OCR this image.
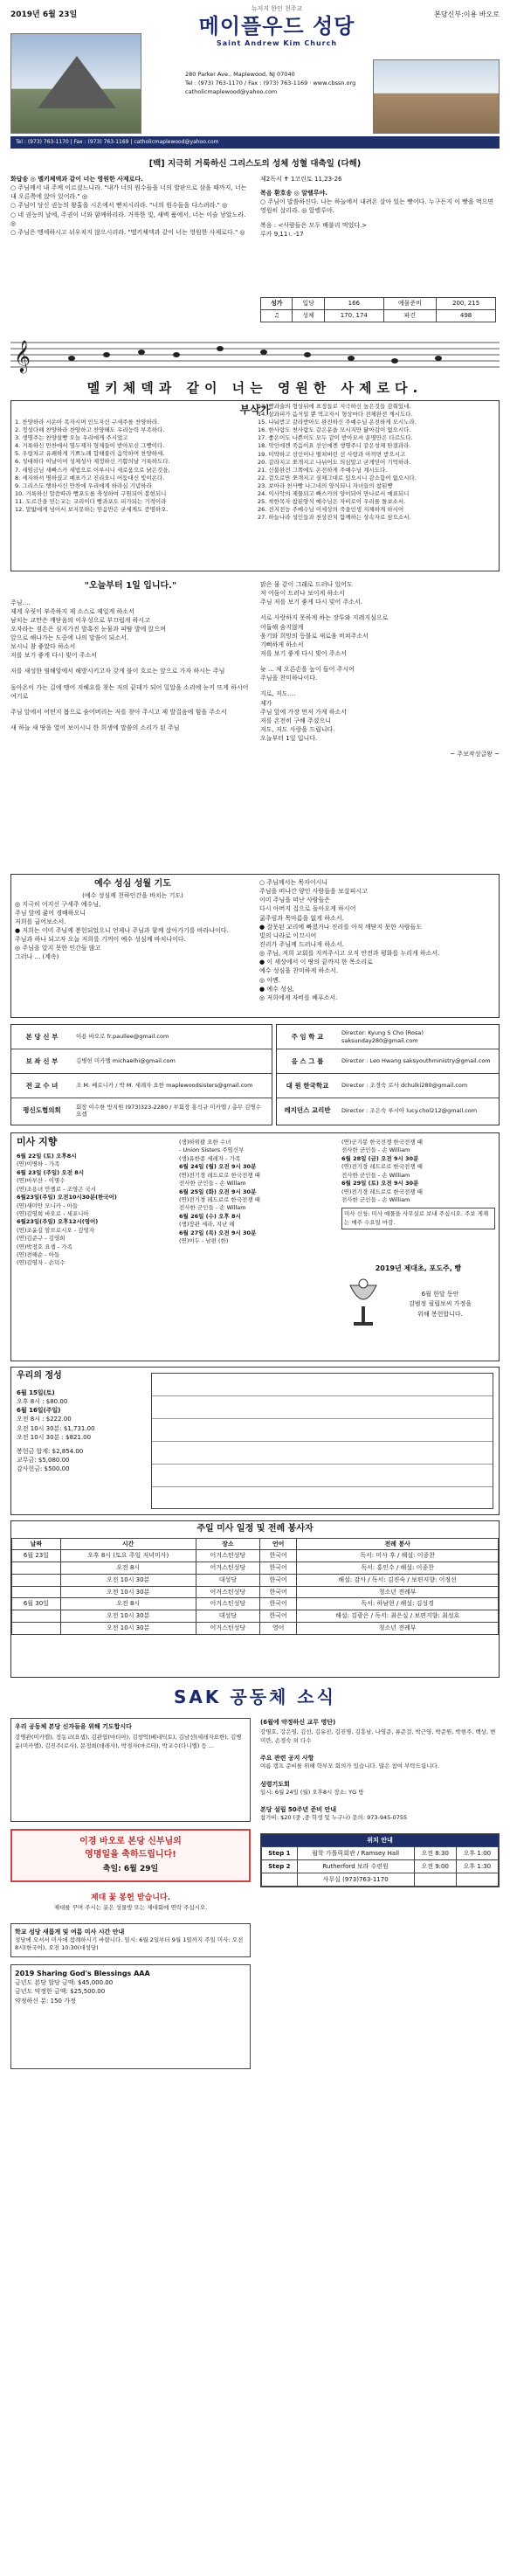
2019년 6월 23일
뉴저지 한인 천주교
메이플우드 성당
Saint Andrew Kim Church
본당신부:이용 바오로
280 Parker Ave., Maplewood, NJ 07040
Tel : (973) 763-1170 / Fax : (973) 763-1169 · www.cbssn.org
catholicmaplewood@yahoo.com
Tel : (973) 763-1170 | Fax : (973) 763-1169 | catholicmaplewood@yahoo.com
[백] 지극히 거룩하신 그리스도의 성체 성혈 대축일 (다해)
화답송 ◎ 멜키체덱과 같이 너는 영원한 사제로다.
○ 주님께서 내 주께 이르셨느니라. "내가 너의 원수들을 너의 발판으로 삼을 때까지, 너는 내 오른쪽에 앉아 있어라." ◎
○ 주님이 당신 권능의 왕홀을 시온에서 뻗치시리라. "너의 원수들을 다스려라." ◎
○ 네 권능의 날에, 주권이 너와 함께하리라. 거룩한 빛, 새벽 품에서, 너는 이슬 낳았노라. ◎
○ 주님은 맹세하시고 뉘우치지 않으시리라. "멜키체덱과 같이 너는 영원한 사제로다." ◎
제2독서 ✝ 1코린토 11,23-26
복음 환호송 ◎ 알렐루야.
○ 주님이 말씀하신다. 나는 하늘에서 내려온 살아 있는 빵이다. 누구든지 이 빵을 먹으면 영원히 살리라. ◎ 알렐루야.
복음 : <사람들은 모두 배불리 먹었다.>
루카 9,11ㄴ-17
성가	입당	166	예물준비	200, 215
♫	성체	170, 174	파견	498
𝄞
멜키체덱과 같이 너는 영원한 사제로다.
부삭가
1. 찬양하라 시온아 목자시며 인도자신 구세주를 찬양하라.
2. 정성다해 찬양하라 찬양하고 찬양해도 우리능력 부족하다.
3. 생명주는 찬양살빵 오늘 우리에게 주시었고
4. 거룩하신 만찬에서 열두제자 형제들이 받아모신 그빵이다.
5. 우렁차고 유쾌하게 기쁘노래 합해불러 음악하며 찬양하세.
6. 성대하다 이날이여 성체성사 제정하신 기쁨의날 거룩하도다.
7. 새임금님 새빠스카 새법으로 이루시니 새로움으로 낡은것을,
8. 세자하셔 명하셨고 예표가고 진리오니 어둠대신 빛이온다.
9. 그리스도 행하시신 만찬에 우리에게 하라심 기념하라
10. 거룩하신 말씀따라 빵포도를 축성하여 구원되어 봉헌되니
11. 도르간을 믿는교는 교리이다 빵과포도 피가되는 기적이라
12. 말밟에게 넘어서 보지못하는 믿음만은 굳세게도 증명하오.
13. 빵과술의 형상뒤에 표징들로 지극하신 높은것들 감춰있네.
14. 살과피가 음식일 뿐 먹고자시 형상마다 전체완전 계시도다.
15. 나눠받고 갈라받아도 완전하신 주예수님 온전하게 모시노라.
16. 한사람도 천사람도 같은분을 모시지만 닳아감이 없으시다.
17. 좋은이도 나쁜이도 모두 같이 받아모셔 운명만은 다르도다.
18. 악인에겐 죽음이요 선인에겐 생명주니 같은성체 딴결과라.
19. 미약하고 선인이나 떨쳐버린 선 사랑과 아끼면 받으시고
20. 갈라지고 쪼개지고 나뉘어도 의심말고 굳게믿어 기억하라.
21. 신불완전 그쪽에도 온전하게 주예수님 계시도다.
22. 겉으로만 쪼개지고 실체그대로 있으시니 감소함이 없으시다.
23. 보아라 천사빵 나그네의 양식되니 자녀들의 참된빵
24. 이사악의 제물되고 빠스카의 양이되어 만나로서 예표되니
25. 착한목자 참된양식 예수님은 자비로이 우리를 돌보소서.
26. 전지전능 주예수님 이세상의 죽을인생 지체하게 하시어
27. 하늘나라 성인들과 천상잔치 함께하는 상속자로 삼으소서.
"오늘부터 1일 입니다."
주님….
제게 우릿이 부족하지 제 소스로 제일게 하소서
남치는 교만은 깨닫음의 이우성으로 부끄럽게 하시고
오자라는 겸손은 심지가진 발혹진 눈물과 피땀 발에 앉으며
앞으로 해나가는 도중에 나의 말씀이 되소서.
보시니 참 좋았다 하소서
저를 보기 좋게 다시 빚어 주소서
저를 새성한 염해앙에서 해방시키고자 갖게 불이 흐르는 앞으로 가자 하시는 주님
돌아온이 가는 길에 맹어 지혜요를 찾는 저의 끝데가 되어 밀알을 소리에 눈키 뜨게 하시어 여기로
주님 앞에서 어떤지 봅으로 숨어버리는 저를 찾아 주시고 제 발걸음에 힘을 주소서
새 하늘 새 땅을 열어 보이시니 한 희생에 말씀의 소리가 된 주님
맑은 물 같이 그래로 드러나 있어도
저 어둠이 드러나 보이게 하소서
주님 저를 보기 좋게 다시 빚어 주소서.
서로 사랑하지 못하게 하는 장투와 지레지심으로
어둡해 숨지않게
움기와 희망의 등불로 새로움 비쳐주소서
기뻐하게 하소서
저를 보기 좋게 다시 빚어 주소서
늦 ... 제 오른손을 높이 들어 주시어
주님을 찬미하나이다.
지로, 저도....
제가
주님 앞에 가장 먼저 가게 하소서
저를 온전히 구해 주셨으니
저도, 저도 사랑을 드립니다.
오늘부터 1일 입니다.
~ 주보작성글왕 ~
예수 성심 성월 기도
(예수 성심께 천하인간을 바치는 기도)
◎ 지극히 어지신 구세주 예수님,
주님 앞에 꿇어 경배하오니
저희를 굽어보소서.
● 저희는 이미 주님께 봉헌되었으니 언제나 주님과 함께 살아가기를 바라나이다.
주님과 하나 되고자 오늘 저희를 기꺼이 예수 성심께 바치나이다.
◎ 주님을 알지 못한 인간들 많고
그러나 ... (계속)
○ 주님께서는 목자이시니
주님을 떠나간 양인 사람들을 보살피시고
이미 주님을 떠난 사람들은
다시 아버지 집으로 돌아오게 하시어
굶주림과 목마름을 없게 하소서.
● 잘못된 교리에 빠졌거나 진리를 아직 깨닫지 못한 사람들도
빛의 나라로 이끄시어
진리가 주님께 드러나게 하소서.
◎ 주님, 저희 교회를 지켜주시고 오직 안전과 평화를 누리게 하소서.
● 이 세상에서 이 땅의 끝까지 한 목소리로
예수 성심을 찬미하게 하소서.
◎ 아멘.
● 예수 성심,
◎ 저희에게 자비를 베푸소서.
본 당 신 부	이용 바오로 fr.paullee@gmail.com
보 좌 신 부	김병헌 미카엘 michaelhi@gmail.com
전 교 수 녀	조 M. 베로니카 / 박 M. 세례자 요한 maplewoodsisters@gmail.com
평신도협의회	회장 이수한 방지원 (973)323-2280 / 부회장 홍석규 미카엘 / 총무 김명수 요셉
주 임 학 교	Director: Kyung S Cho (Rosa) saksunday280@gmail.com
음 스 그 룹	Director : Leo Hwang saksyouthministry@gmail.com
대 원 한국학교	Director : 조경숙 로사 dchulki280@gmail.com
레지던스 교리반	Director : 조은숙 루시아 lucy.chol212@gmail.com
미사 지향
6월 22일 (토) 오후8시
(연)이병하 - 가족
6월 23일 (주일) 오전 8시
(연)마부산 - 이명수
(연)조용녀 안젤로 - 조영곤 국시
6월23일(주일) 오전10시30분(한국어)
(연)새미안 모니카 - 아들
(연)김영희 바오로 - 세포니아
6월23일(주일) 오후12시(영어)
(연)조윤길 암브로시오 - 김영자
(연)김준구 - 김영희
(연)박정호 요셉 - 가족
(연)전해순 - 아들
(연)김영자 - 손덕수
(생)하위괄 요한 수녀
- Union Sisters 주임신부
(생)유한종 세레자 - 가족
6월 24일 (월) 오전 9시 30분
(연)전기경 레드로로 한국전쟁 때
전사한 군인들 - 손 Willam
6월 25일 (화) 오전 9시 30분
(연)전기경 레드로로 한국전쟁 때
전사한 군인들 - 손 Willam
6월 26일 (수) 오후 8시
(생)장관 세라, 지난 해
6월 27일 (목) 오전 9시 30분
(연)이두 - 남편 (한)
(연)군기봉 한국전쟁 한국전쟁 때
전사한 군인들 - 손 William
6월 28일 (금) 오전 9시 30분
(연)전기경 레드로로 한국전쟁 때
전사한 군인들 - 손 William
6월 29일 (토) 오전 9시 30분
(연)전기경 레드로로 한국전쟁 때
전사한 군인들 - 손 William
미사 신청: 미사 예물을 사무실로 보내 주십시오. 주보 게재는 매주 수요일 마감.
2019년 제대초, 포도주, 빵
6월 한달 동안
김범정 필립보씨 가정을
위해 봉헌합니다.
우리의 정성
6월 15일(토)
오후 8시 : $80.00
6월 16일(주일)
오전 8시 : $222.00
오전 10시 30분: $1,731.00
오전 10시 30분 : $821.00
봉헌금 합계: $2,854.00
교무금: $5,080.00
감사헌금: $500.00
주일 미사 일정 및 전례 봉사자
날짜	시간	장소	언어	전례 봉사
6월 23일	오후 8시 (토요 주일 저녁미사)	어거스틴성당	한국어	독서: 미사 후 / 해설: 이종찬
	오전 8시	어거스틴성당	한국어	독서: 홍인수 / 해설: 이종찬
	오전 10시 30분	대성당	한국어	해설: 감사 / 독서: 김진숙 / 보편지향: 이정선
	오전 10시 30분	어거스틴성당	한국어	청소년 전례부
6월 30일	오전 8시	어거스틴성당	한국어	독서: 하남현 / 해설: 김성경
	오전 10시 30분	대성당	한국어	해설: 김광은 / 독서: 최은실 / 보편지향: 최성호
	오전 10시 30분	어거스틴성당	영어	청소년 전례부
SAK 공동체 소식
우리 공동체 본당 신자들을 위해 기도합시다
강명관(미카엘), 정동교(요셉), 김관엽(마티아), 김창억(베네딕토), 김남선(세레자요한), 김병윤(미카엘), 김진주(로사), 문정희(데레사), 박경자(마르타), 박교수(다니엘) 등 ...
이경 바오로 본당 신부님의
영명일을 축하드립니다!
축일: 6월 29일
제대 꽃 봉헌 받습니다.
제대를 꾸며 주시는 분은 성물방 또는 제대회에 연락 주십시오.
학교 성당 새롭게 및 여름 미사 시간 안내
성당에 오셔서 미사에 참례하시기 바랍니다. 일시: 6월 2일부터 9월 1일까지 주일 미사: 오전 8시(한국어), 오전 10:30(대성당)
2019 Sharing God's Blessings AAA
금년도 본당 할당 금액: $45,000.00
금년도 약정한 금액: $25,500.00
약정하신 분: 150 가정
(6월에 약정하신 교무 명단)
강명호, 강은영, 김선, 김유진, 김진명, 김흥남, 나영준, 류준걸, 박근영, 박준원, 박현주, 백상, 변미란, 손경숙 외 다수
주요 관련 공지 사항
여름 캠프 준비를 위해 학부모 회의가 있습니다. 많은 참여 부탁드립니다.
성령기도회
일시: 6월 24일 (월) 오후8시 장소: YG 방
본당 설립 50주년 준비 안내
참가비: $20 (중 ,중 학생 및 누구나) 문의: 973-945-0755
위치 안내
Step 1	월학 가톨릭회관 / Ramsey Hall	오전 8:30	오후 1:00
Step 2	Rutherford 보라 수련원	오전 9:00	오후 1:30
	사무실 (973)763-1170		
